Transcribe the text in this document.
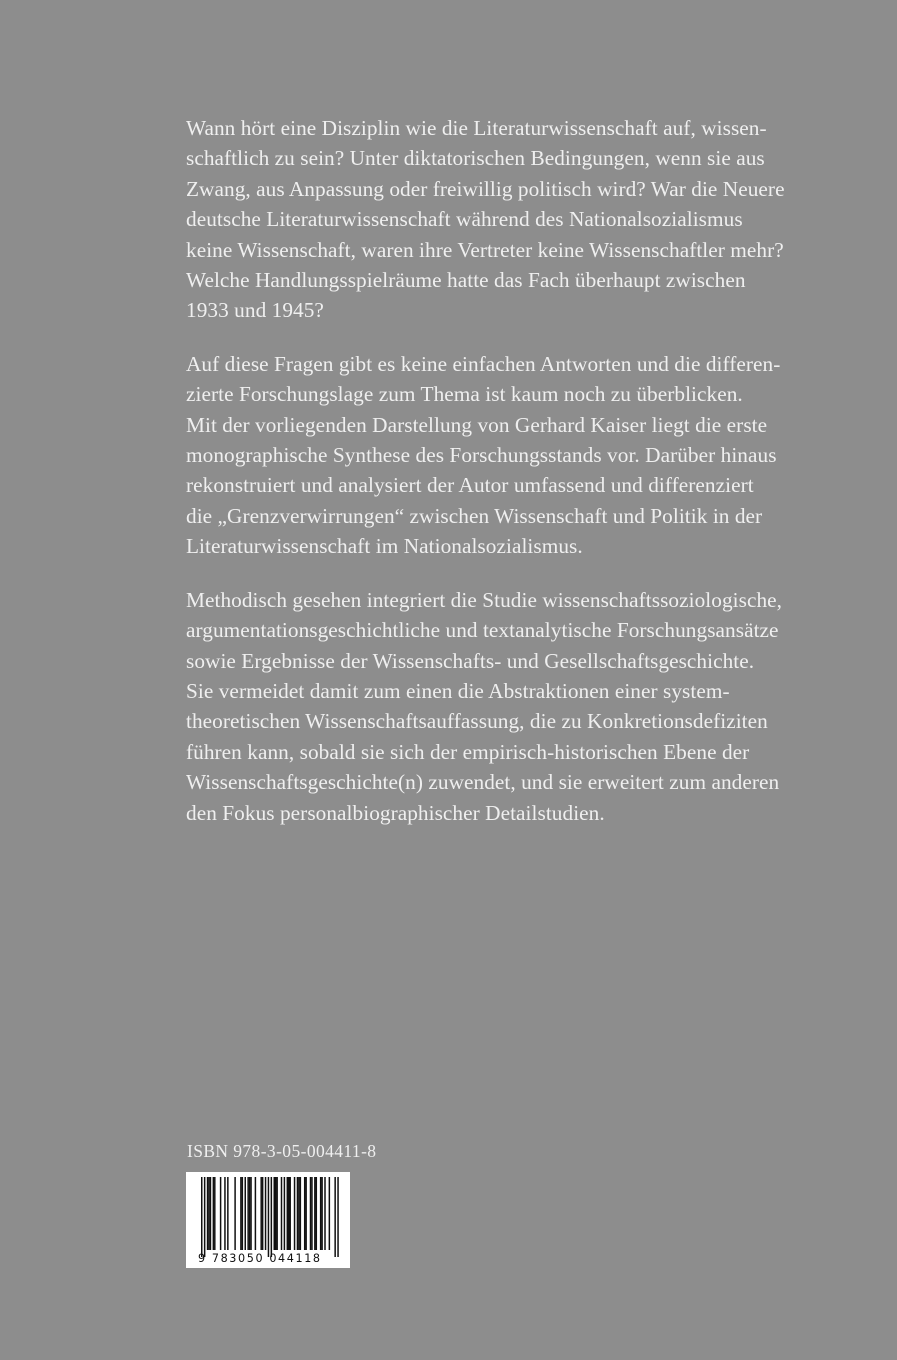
Wann hört eine Disziplin wie die Literaturwissenschaft auf, wissen-
schaftlich zu sein? Unter diktatorischen Bedingungen, wenn sie aus
Zwang, aus Anpassung oder freiwillig politisch wird? War die Neuere
deutsche Literaturwissenschaft während des Nationalsozialismus
keine Wissenschaft, waren ihre Vertreter keine Wissenschaftler mehr?
Welche Handlungsspielräume hatte das Fach überhaupt zwischen
1933 und 1945?

Auf diese Fragen gibt es keine einfachen Antworten und die differen-
zierte Forschungslage zum Thema ist kaum noch zu überblicken.
Mit der vorliegenden Darstellung von Gerhard Kaiser liegt die erste
monographische Synthese des Forschungsstands vor. Darüber hinaus
rekonstruiert und analysiert der Autor umfassend und differenziert
die „Grenzverwirrungen“ zwischen Wissenschaft und Politik in der
Literaturwissenschaft im Nationalsozialismus.

Methodisch gesehen integriert die Studie wissenschaftssoziologische,
argumentationsgeschichtliche und textanalytische Forschungsansätze
sowie Ergebnisse der Wissenschafts- und Gesellschaftsgeschichte.
Sie vermeidet damit zum einen die Abstraktionen einer system-
theoretischen Wissenschaftsauffassung, die zu Konkretionsdefiziten
führen kann, sobald sie sich der empirisch-historischen Ebene der
Wissenschaftsgeschichte(n) zuwendet, und sie erweitert zum anderen
den Fokus personalbiographischer Detailstudien.

ISBN 978-3-05-004411-8
9 783050 044118
